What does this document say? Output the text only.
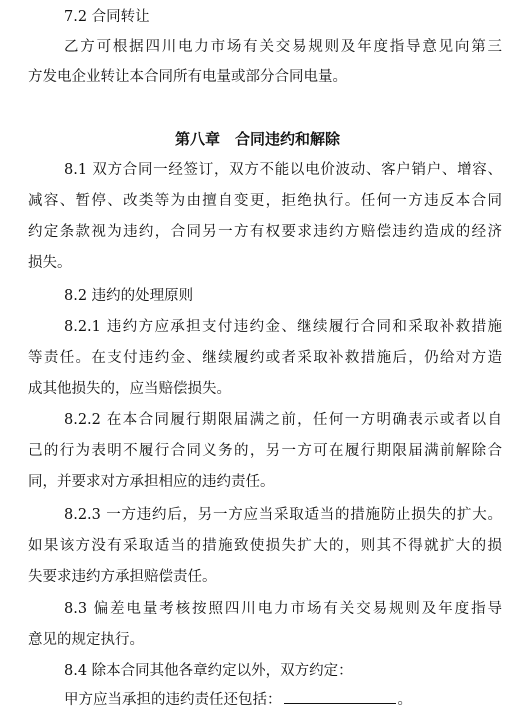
7.2 合同转让
乙方可根据四川电力市场有关交易规则及年度指导意见向第三
方发电企业转让本合同所有电量或部分合同电量。
第八章　合同违约和解除
8.1 双方合同一经签订，双方不能以电价波动、客户销户、增容、
减容、暂停、改类等为由擅自变更，拒绝执行。任何一方违反本合同
约定条款视为违约，合同另一方有权要求违约方赔偿违约造成的经济
损失。
8.2 违约的处理原则
8.2.1 违约方应承担支付违约金、继续履行合同和采取补救措施
等责任。在支付违约金、继续履约或者采取补救措施后，仍给对方造
成其他损失的，应当赔偿损失。
8.2.2 在本合同履行期限届满之前，任何一方明确表示或者以自
己的行为表明不履行合同义务的，另一方可在履行期限届满前解除合
同，并要求对方承担相应的违约责任。
8.2.3 一方违约后，另一方应当采取适当的措施防止损失的扩大。
如果该方没有采取适当的措施致使损失扩大的，则其不得就扩大的损
失要求违约方承担赔偿责任。
8.3 偏差电量考核按照四川电力市场有关交易规则及年度指导
意见的规定执行。
8.4 除本合同其他各章约定以外，双方约定：
甲方应当承担的违约责任还包括：	。
